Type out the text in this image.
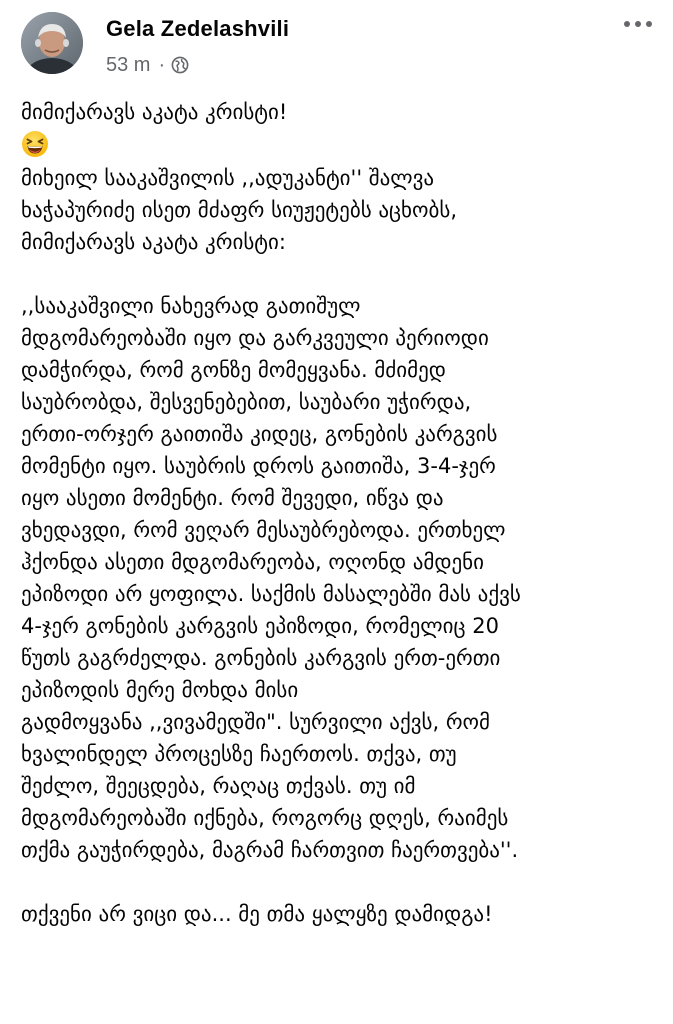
Gela Zedelashvili
53 m ·
მიმიქარავს აკატა კრისტი!
მიხეილ სააკაშვილის ,,ადუკანტი'' შალვა
ხაჭაპურიძე ისეთ მძაფრ სიუჟეტებს აცხობს,
მიმიქარავს აკატა კრისტი:
,,სააკაშვილი ნახევრად გათიშულ
მდგომარეობაში იყო და გარკვეული პერიოდი
დამჭირდა, რომ გონზე მომეყვანა. მძიმედ
საუბრობდა, შესვენებებით, საუბარი უჭირდა,
ერთი-ორჯერ გაითიშა კიდეც, გონების კარგვის
მომენტი იყო. საუბრის დროს გაითიშა, 3-4-ჯერ
იყო ასეთი მომენტი. რომ შევედი, იწვა და
ვხედავდი, რომ ვეღარ მესაუბრებოდა. ერთხელ
ჰქონდა ასეთი მდგომარეობა, ოღონდ ამდენი
ეპიზოდი არ ყოფილა. საქმის მასალებში მას აქვს
4-ჯერ გონების კარგვის ეპიზოდი, რომელიც 20
წუთს გაგრძელდა. გონების კარგვის ერთ-ერთი
ეპიზოდის მერე მოხდა მისი
გადმოყვანა ,,ვივამედში". სურვილი აქვს, რომ
ხვალინდელ პროცესზე ჩაერთოს. თქვა, თუ
შეძლო, შეეცდება, რაღაც თქვას. თუ იმ
მდგომარეობაში იქნება, როგორც დღეს, რაიმეს
თქმა გაუჭირდება, მაგრამ ჩართვით ჩაერთვება''.
თქვენი არ ვიცი და... მე თმა ყალყზე დამიდგა!
